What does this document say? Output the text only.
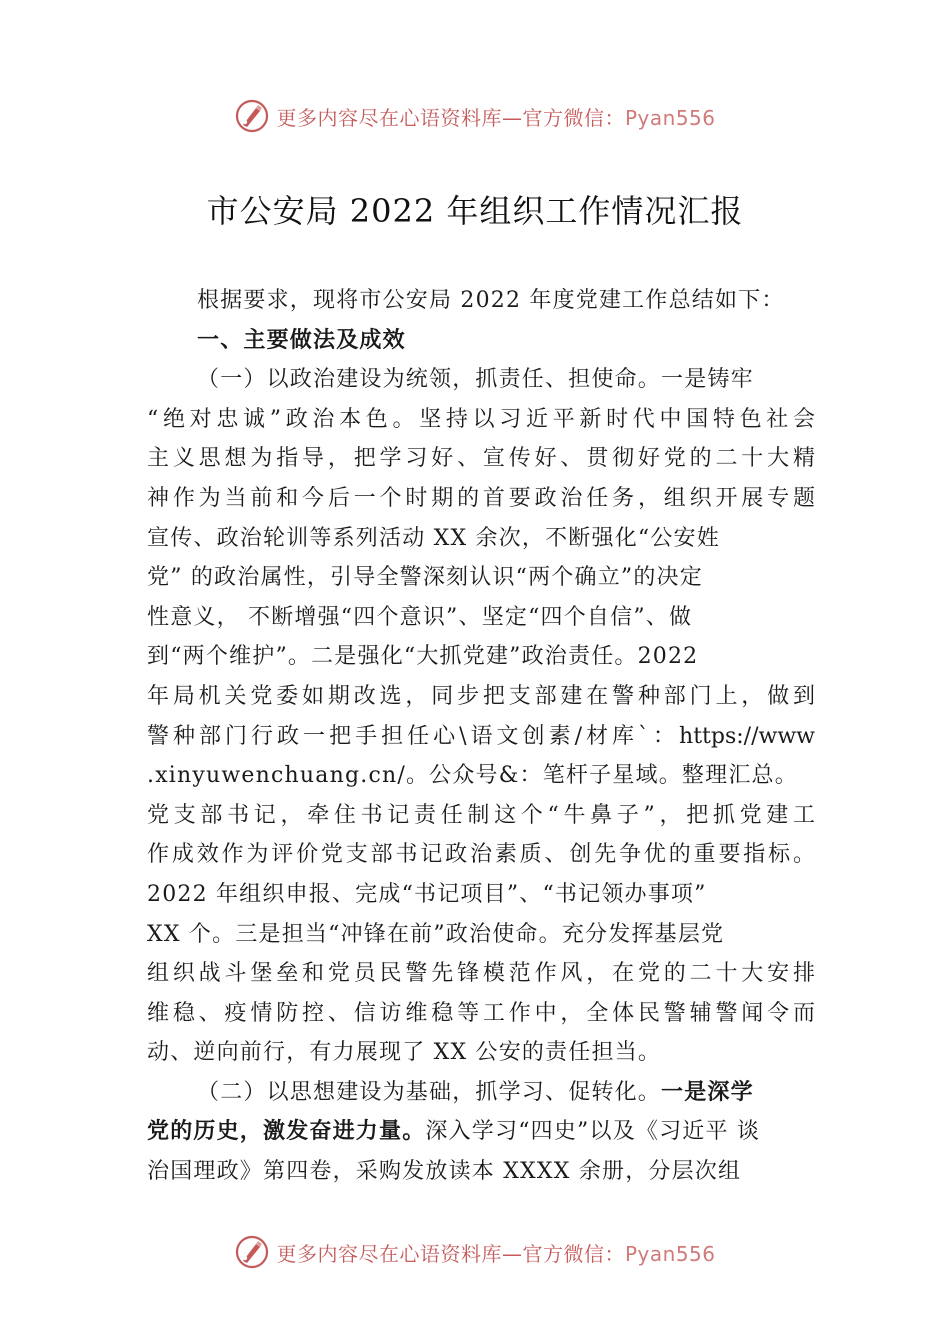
更多内容尽在心语资料库—官方微信：Pyan556
市公安局 2022 年组织工作情况汇报
根据要求，现将市公安局 2022 年度党建工作总结如下：
一、主要做法及成效
（一）以政治建设为统领，抓责任、担使命。一是铸牢
“绝对忠诚”政治本色。坚持以习近平新时代中国特色社会
主义思想为指导，把学习好、宣传好、贯彻好党的二十大精
神作为当前和今后一个时期的首要政治任务，组织开展专题
宣传、政治轮训等系列活动 XX 余次，不断强化“公安姓
党” 的政治属性，引导全警深刻认识“两个确立”的决定
性意义， 不断增强“四个意识”、坚定“四个自信”、做
到“两个维护”。二是强化“大抓党建”政治责任。2022
年局机关党委如期改选，同步把支部建在警种部门上，做到
警种部门行政一把手担任心\语文创素/材库`：https://www
.xinyuwenchuang.cn/。公众号&：笔杆子星域。整理汇总。
党支部书记，牵住书记责任制这个“牛鼻子”，把抓党建工
作成效作为评价党支部书记政治素质、创先争优的重要指标。
2022 年组织申报、完成“书记项目”、“书记领办事项”
XX 个。三是担当“冲锋在前”政治使命。充分发挥基层党
组织战斗堡垒和党员民警先锋模范作风，在党的二十大安排
维稳、疫情防控、信访维稳等工作中，全体民警辅警闻令而
动、逆向前行，有力展现了 XX 公安的责任担当。
（二）以思想建设为基础，抓学习、促转化。一是深学
党的历史，激发奋进力量。深入学习“四史”以及《习近平 谈
治国理政》第四卷，采购发放读本 XXXX 余册，分层次组
更多内容尽在心语资料库—官方微信：Pyan556
